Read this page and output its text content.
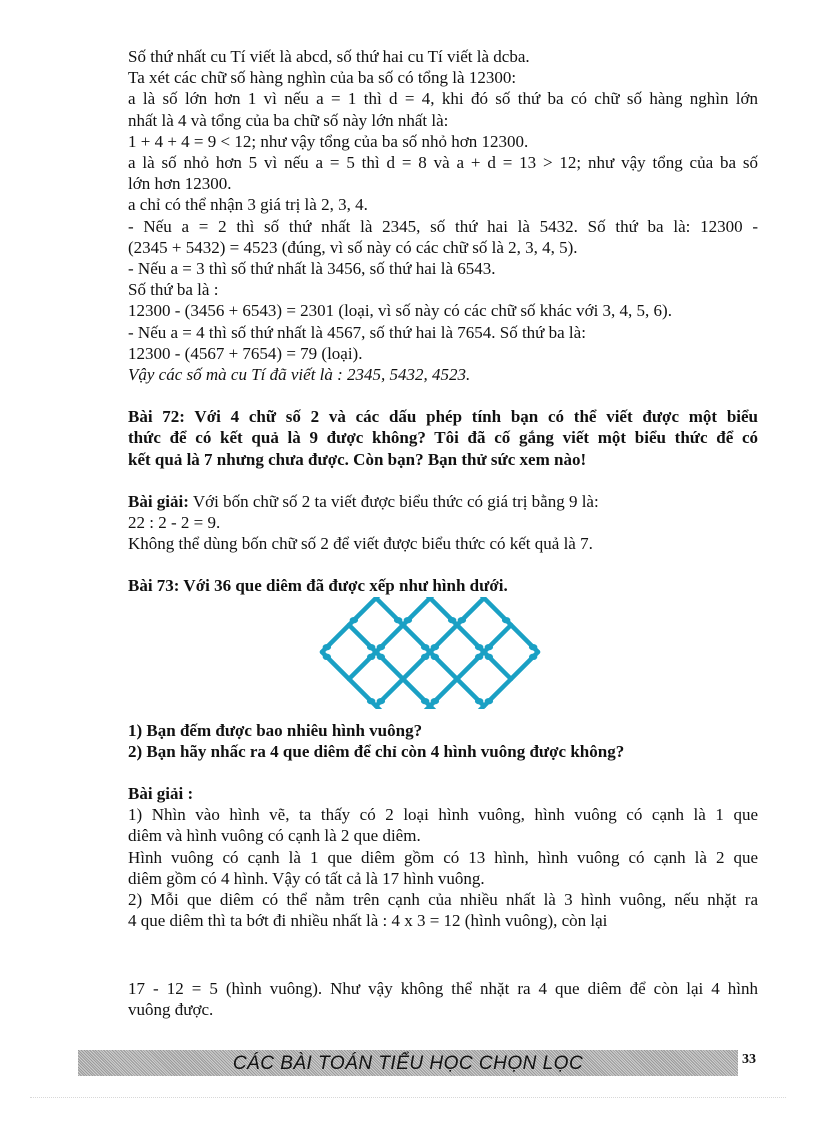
Số thứ nhất cu Tí viết là abcd, số thứ hai cu Tí viết là dcba.
Ta xét các chữ số hàng nghìn của ba số có tổng là 12300:
a là số lớn hơn 1 vì nếu a = 1 thì d = 4, khi đó số thứ ba có chữ số hàng nghìn lớn
nhất là 4 và tổng của ba chữ số này lớn nhất là:
1 + 4 + 4 = 9 < 12; như vậy tổng của ba số nhỏ hơn 12300.
a là số nhỏ hơn 5 vì nếu a = 5 thì d = 8 và a + d = 13 > 12; như vậy tổng của ba số
lớn hơn 12300.
a chỉ có thể nhận 3 giá trị là 2, 3, 4.
- Nếu a = 2 thì số thứ nhất là 2345, số thứ hai là 5432. Số thứ ba là: 12300 -
(2345 + 5432) = 4523 (đúng, vì số này có các chữ số là 2, 3, 4, 5).
- Nếu a = 3 thì số thứ nhất là 3456, số thứ hai là 6543.
Số thứ ba là :
12300 - (3456 + 6543) = 2301 (loại, vì số này có các chữ số khác với 3, 4, 5, 6).
- Nếu a = 4 thì số thứ nhất là 4567, số thứ hai là 7654. Số thứ ba là:
12300 - (4567 + 7654) = 79 (loại).
Vậy các số mà cu Tí đã viết là : 2345, 5432, 4523.
Bài 72: Với 4 chữ số 2 và các dấu phép tính bạn có thể viết được một biểu
thức để có kết quả là 9 được không? Tôi đã cố gắng viết một biểu thức để có
kết quả là 7 nhưng chưa được. Còn bạn? Bạn thử sức xem nào!
Bài giải: Với bốn chữ số 2 ta viết được biểu thức có giá trị bằng 9 là:
22 : 2 - 2 = 9.
Không thể dùng bốn chữ số 2 để viết được biểu thức có kết quả là 7.
Bài 73: Với 36 que diêm đã được xếp như hình dưới.
1) Bạn đếm được bao nhiêu hình vuông?
2) Bạn hãy nhấc ra 4 que diêm để chỉ còn 4 hình vuông được không?
Bài giải :
1) Nhìn vào hình vẽ, ta thấy có 2 loại hình vuông, hình vuông có cạnh là 1 que
diêm và hình vuông có cạnh là 2 que diêm.
Hình vuông có cạnh là 1 que diêm gồm có 13 hình, hình vuông có cạnh là 2 que
diêm gồm có 4 hình. Vậy có tất cả là 17 hình vuông.
2) Mỗi que diêm có thể nằm trên cạnh của nhiều nhất là 3 hình vuông, nếu nhặt ra
4 que diêm thì ta bớt đi nhiều nhất là : 4 x 3 = 12 (hình vuông), còn lại
17 - 12 = 5 (hình vuông). Như vậy không thể nhặt ra 4 que diêm để còn lại 4 hình
vuông được.
CÁC BÀI TOÁN TIỂU HỌC CHỌN LỌC	33
